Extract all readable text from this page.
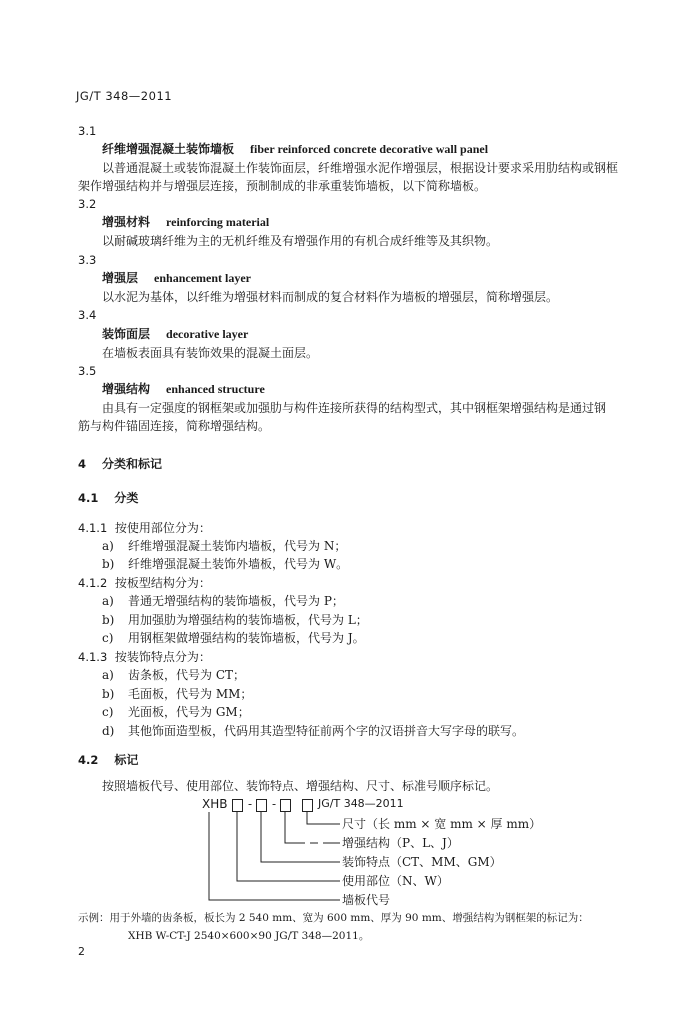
JG/T 348—2011
3.1
纤维增强混凝土装饰墙板 fiber reinforced concrete decorative wall panel
以普通混凝土或装饰混凝土作装饰面层，纤维增强水泥作增强层，根据设计要求采用肋结构或钢框
架作增强结构并与增强层连接，预制制成的非承重装饰墙板，以下简称墙板。
3.2
增强材料 reinforcing material
以耐碱玻璃纤维为主的无机纤维及有增强作用的有机合成纤维等及其织物。
3.3
增强层 enhancement layer
以水泥为基体，以纤维为增强材料而制成的复合材料作为墙板的增强层，简称增强层。
3.4
装饰面层 decorative layer
在墙板表面具有装饰效果的混凝土面层。
3.5
增强结构 enhanced structure
由具有一定强度的钢框架或加强肋与构件连接所获得的结构型式，其中钢框架增强结构是通过钢
筋与构件锚固连接，简称增强结构。
4 分类和标记
4.1 分类
4.1.1 按使用部位分为：
a) 纤维增强混凝土装饰内墙板，代号为 N；
b) 纤维增强混凝土装饰外墙板，代号为 W。
4.1.2 按板型结构分为：
a) 普通无增强结构的装饰墙板，代号为 P；
b) 用加强肋为增强结构的装饰墙板，代号为 L；
c) 用钢框架做增强结构的装饰墙板，代号为 J。
4.1.3 按装饰特点分为：
a) 齿条板，代号为 CT；
b) 毛面板，代号为 MM；
c) 光面板，代号为 GM；
d) 其他饰面造型板，代码用其造型特征前两个字的汉语拼音大写字母的联写。
4.2 标记
按照墙板代号、使用部位、装饰特点、增强结构、尺寸、标准号顺序标记。
XHB - -	JG/T 348—2011
尺寸（长 mm × 宽 mm × 厚 mm）
增强结构（P、L、J）
装饰特点（CT、MM、GM）
使用部位（N、W）
墙板代号
示例：用于外墙的齿条板，板长为 2 540 mm、宽为 600 mm、厚为 90 mm、增强结构为钢框架的标记为：
XHB W-CT-J 2540×600×90 JG/T 348—2011。
2
